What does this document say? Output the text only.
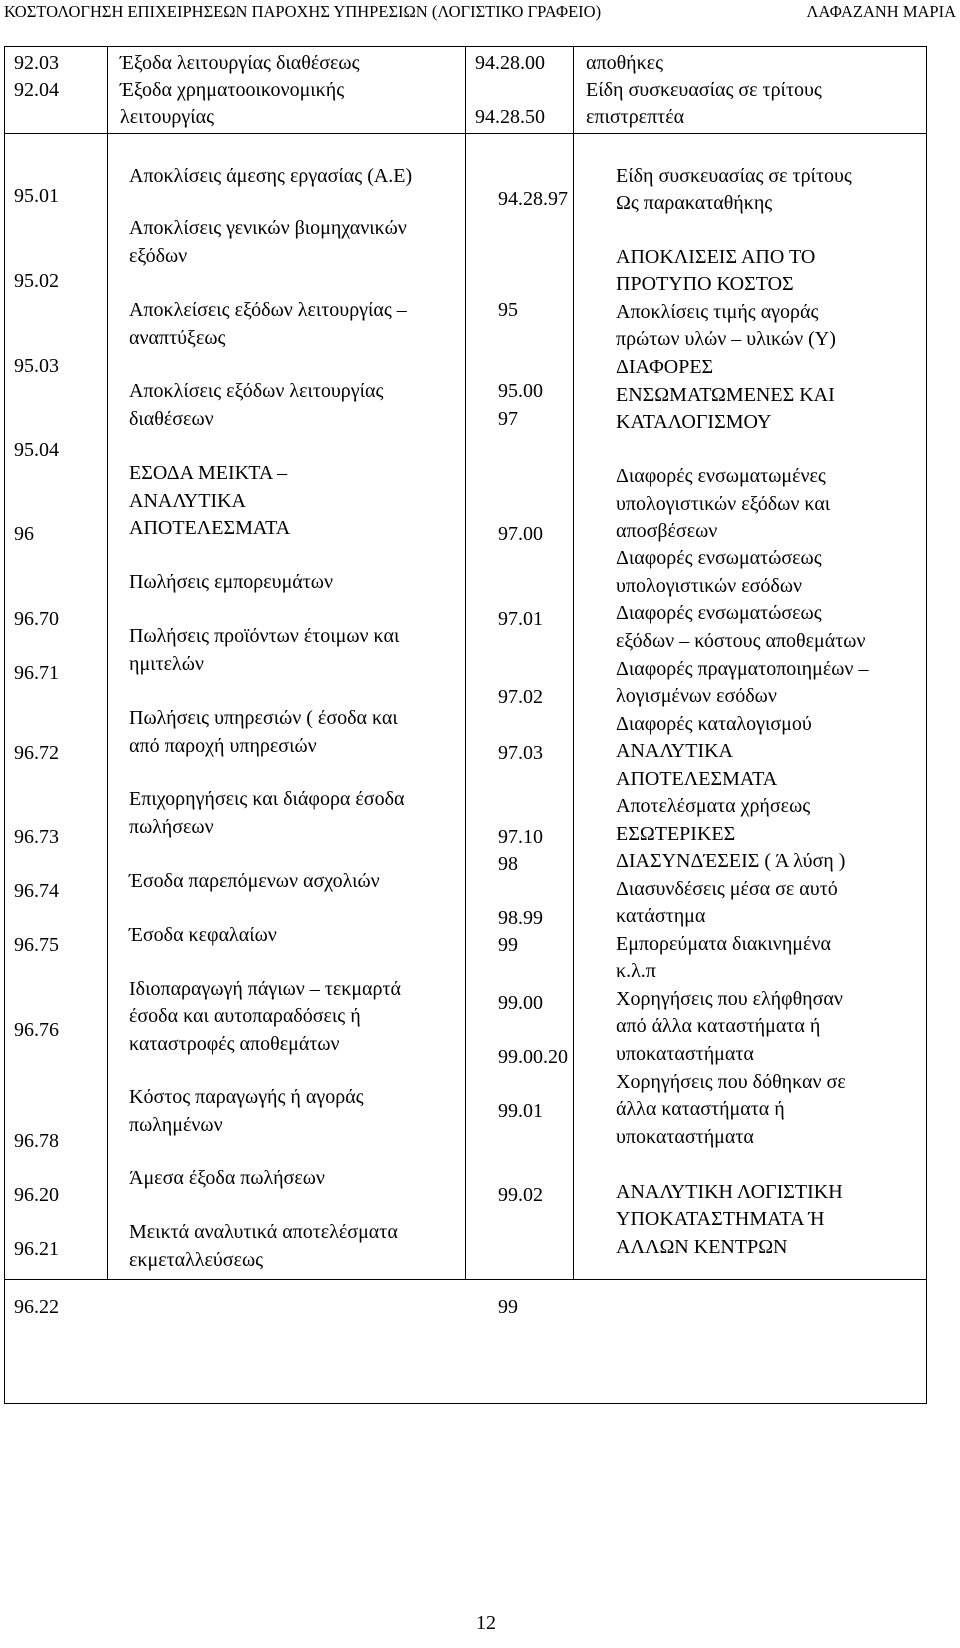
ΚΟΣΤΟΛΟΓΗΣΗ ΕΠΙΧΕΙΡΗΣΕΩΝ ΠΑΡΟΧΗΣ ΥΠΗΡΕΣΙΩΝ (ΛΟΓΙΣΤΙΚΟ ΓΡΑΦΕΙΟ)	ΛΑΦΑΖΑΝΗ ΜΑΡΙΑ
92.03
92.04
Έξοδα λειτουργίας διαθέσεως
Έξοδα χρηματοοικονομικής
λειτουργίας
94.28.00
94.28.50
αποθήκες
Είδη συσκευασίας σε τρίτους
επιστρεπτέα
95.01
95.02
95.03
95.04
96
96.70
96.71
96.72
96.73
96.74
96.75
96.76
96.78
96.20
96.21
Αποκλίσεις άμεσης εργασίας (Α.Ε)
Αποκλίσεις γενικών βιομηχανικών
εξόδων
Αποκλείσεις εξόδων λειτουργίας –
αναπτύξεως
Αποκλίσεις εξόδων λειτουργίας
διαθέσεων
ΕΣΟΔΑ ΜΕΙΚΤΑ –
ΑΝΑΛΥΤΙΚΑ
ΑΠΟΤΕΛΕΣΜΑΤΑ
Πωλήσεις εμπορευμάτων
Πωλήσεις προϊόντων έτοιμων και
ημιτελών
Πωλήσεις υπηρεσιών ( έσοδα και
από παροχή υπηρεσιών
Επιχορηγήσεις και διάφορα έσοδα
πωλήσεων
Έσοδα παρεπόμενων ασχολιών
Έσοδα κεφαλαίων
Ιδιοπαραγωγή πάγιων – τεκμαρτά
έσοδα και αυτοπαραδόσεις ή
καταστροφές αποθεμάτων
Κόστος παραγωγής ή αγοράς
πωλημένων
Άμεσα έξοδα πωλήσεων
Μεικτά αναλυτικά αποτελέσματα
εκμεταλλεύσεως
94.28.97
95
95.00
97
97.00
97.01
97.02
97.03
97.10
98
98.99
99
99.00
99.00.20
99.01
99.02
Είδη συσκευασίας σε τρίτους
Ως παρακαταθήκης
ΑΠΟΚΛΙΣΕΙΣ ΑΠΟ ΤΟ
ΠΡΟΤΥΠΟ ΚΟΣΤΟΣ
Αποκλίσεις τιμής αγοράς
πρώτων υλών – υλικών (Υ)
ΔΙΑΦΟΡΕΣ
ΕΝΣΩΜΑΤΩΜΕΝΕΣ ΚΑΙ
ΚΑΤΑΛΟΓΙΣΜΟΥ
Διαφορές ενσωματωμένες
υπολογιστικών εξόδων και
αποσβέσεων
Διαφορές ενσωματώσεως
υπολογιστικών εσόδων
Διαφορές ενσωματώσεως
εξόδων – κόστους αποθεμάτων
Διαφορές πραγματοποιημέων –
λογισμένων εσόδων
Διαφορές καταλογισμού
ΑΝΑΛΥΤΙΚΑ
ΑΠΟΤΕΛΕΣΜΑΤΑ
Αποτελέσματα χρήσεως
ΕΣΩΤΕΡΙΚΕΣ
ΔΙΑΣΥΝΔΈΣΕΙΣ ( Ά λύση )
Διασυνδέσεις μέσα σε αυτό
κατάστημα
Εμπορεύματα διακινημένα
κ.λ.π
Χορηγήσεις που ελήφθησαν
από άλλα καταστήματα ή
υποκαταστήματα
Χορηγήσεις που δόθηκαν σε
άλλα καταστήματα ή
υποκαταστήματα
ΑΝΑΛΥΤΙΚΗ ΛΟΓΙΣΤΙΚΗ
ΥΠΟΚΑΤΑΣΤΗΜΑΤΑ Ή
ΑΛΛΩΝ ΚΕΝΤΡΩΝ
96.22	99
12
